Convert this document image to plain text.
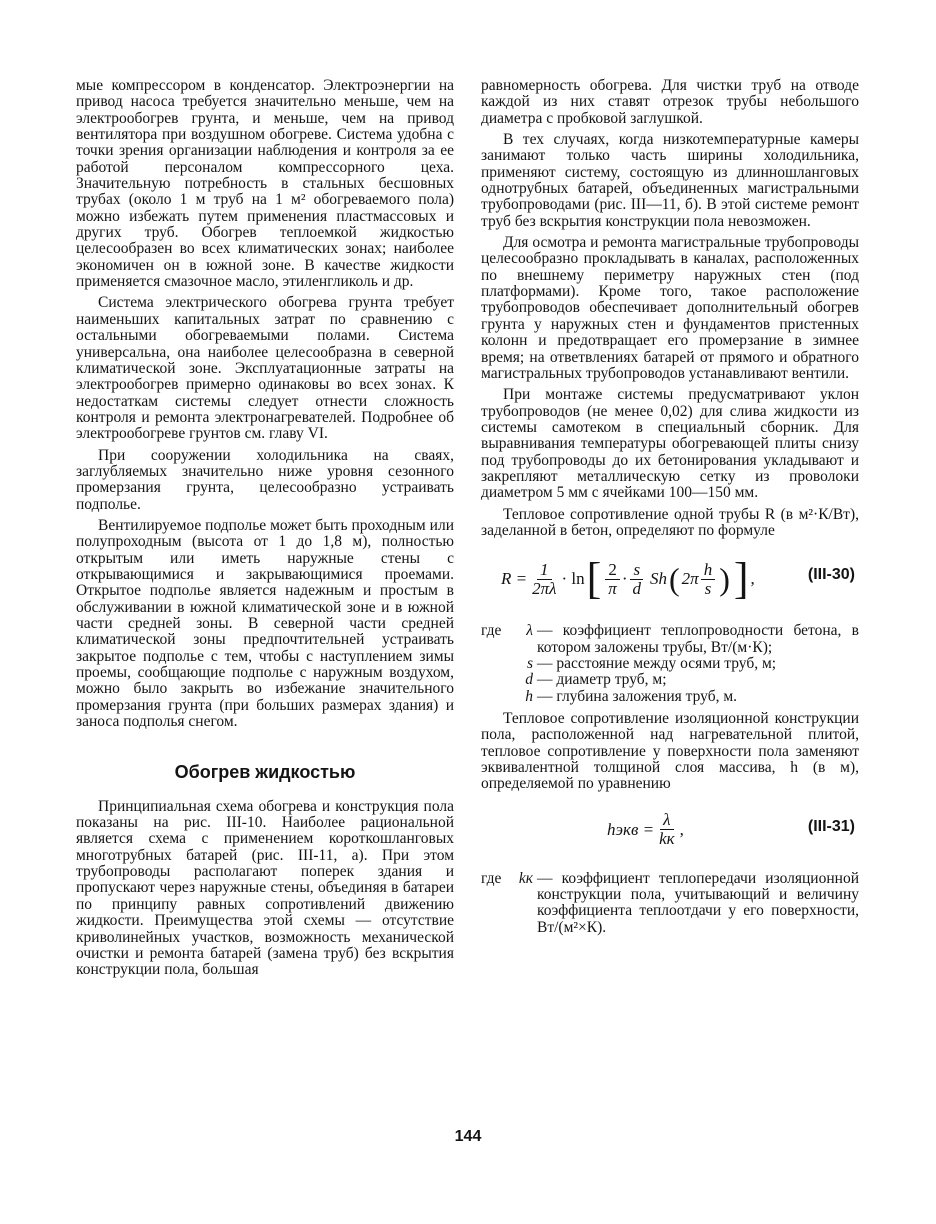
мые компрессором в конденсатор. Электроэнергии на привод насоса требуется значительно меньше, чем на электрообогрев грунта, и меньше, чем на привод вентилятора при воздушном обогреве. Система удобна с точки зрения организации наблюдения и контроля за ее работой персоналом компрессорного цеха. Значительную потребность в стальных бесшовных трубах (около 1 м труб на 1 м² обогреваемого пола) можно избежать путем применения пластмассовых и других труб. Обогрев теплоемкой жидкостью целесообразен во всех климатических зонах; наиболее экономичен он в южной зоне. В качестве жидкости применяется смазочное масло, этиленгликоль и др.

Система электрического обогрева грунта требует наименьших капитальных затрат по сравнению с остальными обогреваемыми полами. Система универсальна, она наиболее целесообразна в северной климатической зоне. Эксплуатационные затраты на электрообогрев примерно одинаковы во всех зонах. К недостаткам системы следует отнести сложность контроля и ремонта электронагревателей. Подробнее об электрообогреве грунтов см. главу VI.

При сооружении холодильника на сваях, заглубляемых значительно ниже уровня сезонного промерзания грунта, целесообразно устраивать подполье.

Вентилируемое подполье может быть проходным или полупроходным (высота от 1 до 1,8 м), полностью открытым или иметь наружные стены с открывающимися и закрывающимися проемами. Открытое подполье является надежным и простым в обслуживании в южной климатической зоне и в южной части средней зоны. В северной части средней климатической зоны предпочтительней устраивать закрытое подполье с тем, чтобы с наступлением зимы проемы, сообщающие подполье с наружным воздухом, можно было закрыть во избежание значительного промерзания грунта (при больших размерах здания) и заноса подполья снегом.

Обогрев жидкостью

Принципиальная схема обогрева и конструкция пола показаны на рис. III-10. Наиболее рациональной является схема с применением короткошланговых многотрубных батарей (рис. III-11, а). При этом трубопроводы располагают поперек здания и пропускают через наружные стены, объединяя в батареи по принципу равных сопротивлений движению жидкости. Преимущества этой схемы — отсутствие криволинейных участков, возможность механической очистки и ремонта батарей (замена труб) без вскрытия конструкции пола, большая

равномерность обогрева. Для чистки труб на отводе каждой из них ставят отрезок трубы небольшого диаметра с пробковой заглушкой.

В тех случаях, когда низкотемпературные камеры занимают только часть ширины холодильника, применяют систему, состоящую из длинношланговых однотрубных батарей, объединенных магистральными трубопроводами (рис. III—11, б). В этой системе ремонт труб без вскрытия конструкции пола невозможен.

Для осмотра и ремонта магистральные трубопроводы целесообразно прокладывать в каналах, расположенных по внешнему периметру наружных стен (под платформами). Кроме того, такое расположение трубопроводов обеспечивает дополнительный обогрев грунта у наружных стен и фундаментов пристенных колонн и предотвращает его промерзание в зимнее время; на ответвлениях батарей от прямого и обратного магистральных трубопроводов устанавливают вентили.

При монтаже системы предусматривают уклон трубопроводов (не менее 0,02) для слива жидкости из системы самотеком в специальный сборник. Для выравнивания температуры обогревающей плиты снизу под трубопроводы до их бетонирования укладывают и закрепляют металлическую сетку из проволоки диаметром 5 мм с ячейками 100—150 мм.

Тепловое сопротивление одной трубы R (в м²·К/Вт), заделанной в бетон, определяют по формуле

$R = \frac{1}{2\pi\lambda} \cdot \ln$ [ $\frac{2}{\pi} \cdot \frac{s}{d}$ Sh ( $2\pi \frac{h}{s}$ ) ] ,	(III-30)
где	λ — коэффициент теплопроводности бетона, в котором заложены трубы, Вт/(м·К);
s — расстояние между осями труб, м;
d — диаметр труб, м;
h — глубина заложения труб, м.

Тепловое сопротивление изоляционной конструкции пола, расположенной над нагревательной плитой, тепловое сопротивление у поверхности пола заменяют эквивалентной толщиной слоя массива, h (в м), определяемой по уравнению

hэкв = $\frac{\lambda}{kк}$ ,	(III-31)
где	kк — коэффициент теплопередачи изоляционной конструкции пола, учитывающий и величину коэффициента теплоотдачи у его поверхности, Вт/(м²×К).
144
